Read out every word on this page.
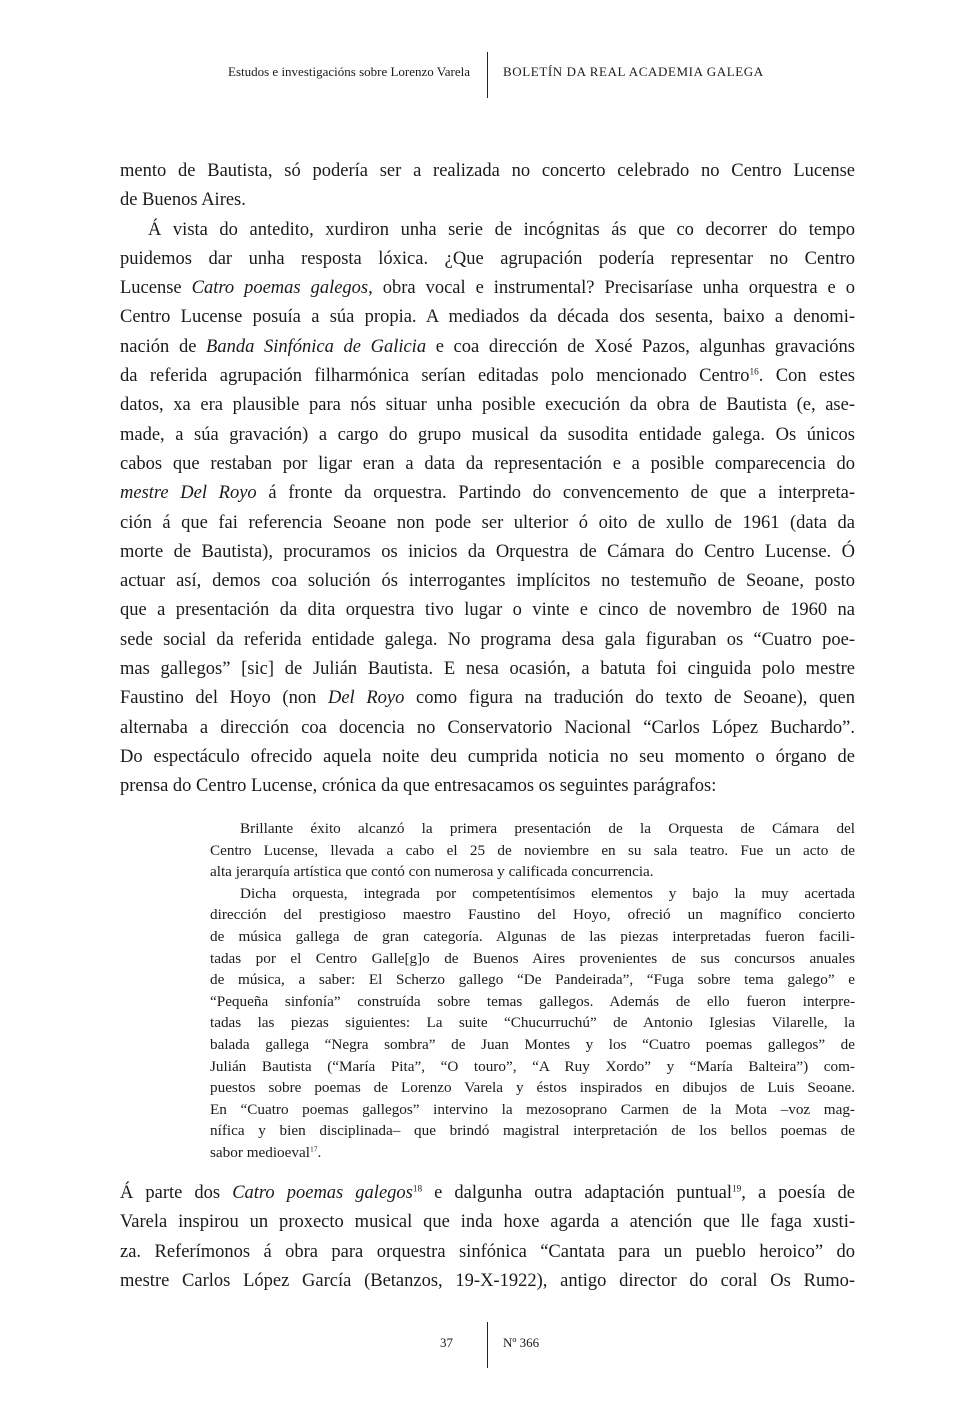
Estudos e investigacións sobre Lorenzo Varela	BOLETÍN DA REAL ACADEMIA GALEGA
mento de Bautista, só podería ser a realizada no concerto celebrado no Centro Lucense
de Buenos Aires.
Á vista do antedito, xurdiron unha serie de incógnitas ás que co decorrer do tempo
puidemos dar unha resposta lóxica. ¿Que agrupación podería representar no Centro
Lucense Catro poemas galegos, obra vocal e instrumental? Precisaríase unha orquestra e o
Centro Lucense posuía a súa propia. A mediados da década dos sesenta, baixo a denomi-
nación de Banda Sinfónica de Galicia e coa dirección de Xosé Pazos, algunhas gravacións
da referida agrupación filharmónica serían editadas polo mencionado Centro$^{16}$. Con estes
datos, xa era plausible para nós situar unha posible execución da obra de Bautista (e, ase-
made, a súa gravación) a cargo do grupo musical da susodita entidade galega. Os únicos
cabos que restaban por ligar eran a data da representación e a posible comparecencia do
mestre Del Royo á fronte da orquestra. Partindo do convencemento de que a interpreta-
ción á que fai referencia Seoane non pode ser ulterior ó oito de xullo de 1961 (data da
morte de Bautista), procuramos os inicios da Orquestra de Cámara do Centro Lucense. Ó
actuar así, demos coa solución ós interrogantes implícitos no testemuño de Seoane, posto
que a presentación da dita orquestra tivo lugar o vinte e cinco de novembro de 1960 na
sede social da referida entidade galega. No programa desa gala figuraban os “Cuatro poe-
mas gallegos” [sic] de Julián Bautista. E nesa ocasión, a batuta foi cinguida polo mestre
Faustino del Hoyo (non Del Royo como figura na tradución do texto de Seoane), quen
alternaba a dirección coa docencia no Conservatorio Nacional “Carlos López Buchardo”.
Do espectáculo ofrecido aquela noite deu cumprida noticia no seu momento o órgano de
prensa do Centro Lucense, crónica da que entresacamos os seguintes parágrafos:
Brillante éxito alcanzó la primera presentación de la Orquesta de Cámara del
Centro Lucense, llevada a cabo el 25 de noviembre en su sala teatro. Fue un acto de
alta jerarquía artística que contó con numerosa y calificada concurrencia.
Dicha orquesta, integrada por competentísimos elementos y bajo la muy acertada
dirección del prestigioso maestro Faustino del Hoyo, ofreció un magnífico concierto
de música gallega de gran categoría. Algunas de las piezas interpretadas fueron facili-
tadas por el Centro Galle[g]o de Buenos Aires provenientes de sus concursos anuales
de música, a saber: El Scherzo gallego “De Pandeirada”, “Fuga sobre tema galego” e
“Pequeña sinfonía” construída sobre temas gallegos. Además de ello fueron interpre-
tadas las piezas siguientes: La suite “Chucurruchú” de Antonio Iglesias Vilarelle, la
balada gallega “Negra sombra” de Juan Montes y los “Cuatro poemas gallegos” de
Julián Bautista (“María Pita”, “O touro”, “A Ruy Xordo” y “María Balteira”) com-
puestos sobre poemas de Lorenzo Varela y éstos inspirados en dibujos de Luis Seoane.
En “Cuatro poemas gallegos” intervino la mezosoprano Carmen de la Mota –voz mag-
nífica y bien disciplinada– que brindó magistral interpretación de los bellos poemas de
sabor medioeval$^{17}$.
Á parte dos Catro poemas galegos$^{18}$ e dalgunha outra adaptación puntual$^{19}$, a poesía de
Varela inspirou un proxecto musical que inda hoxe agarda a atención que lle faga xusti-
za. Referímonos á obra para orquestra sinfónica “Cantata para un pueblo heroico” do
mestre Carlos López García (Betanzos, 19-X-1922), antigo director do coral Os Rumo-
37	Nº 366
